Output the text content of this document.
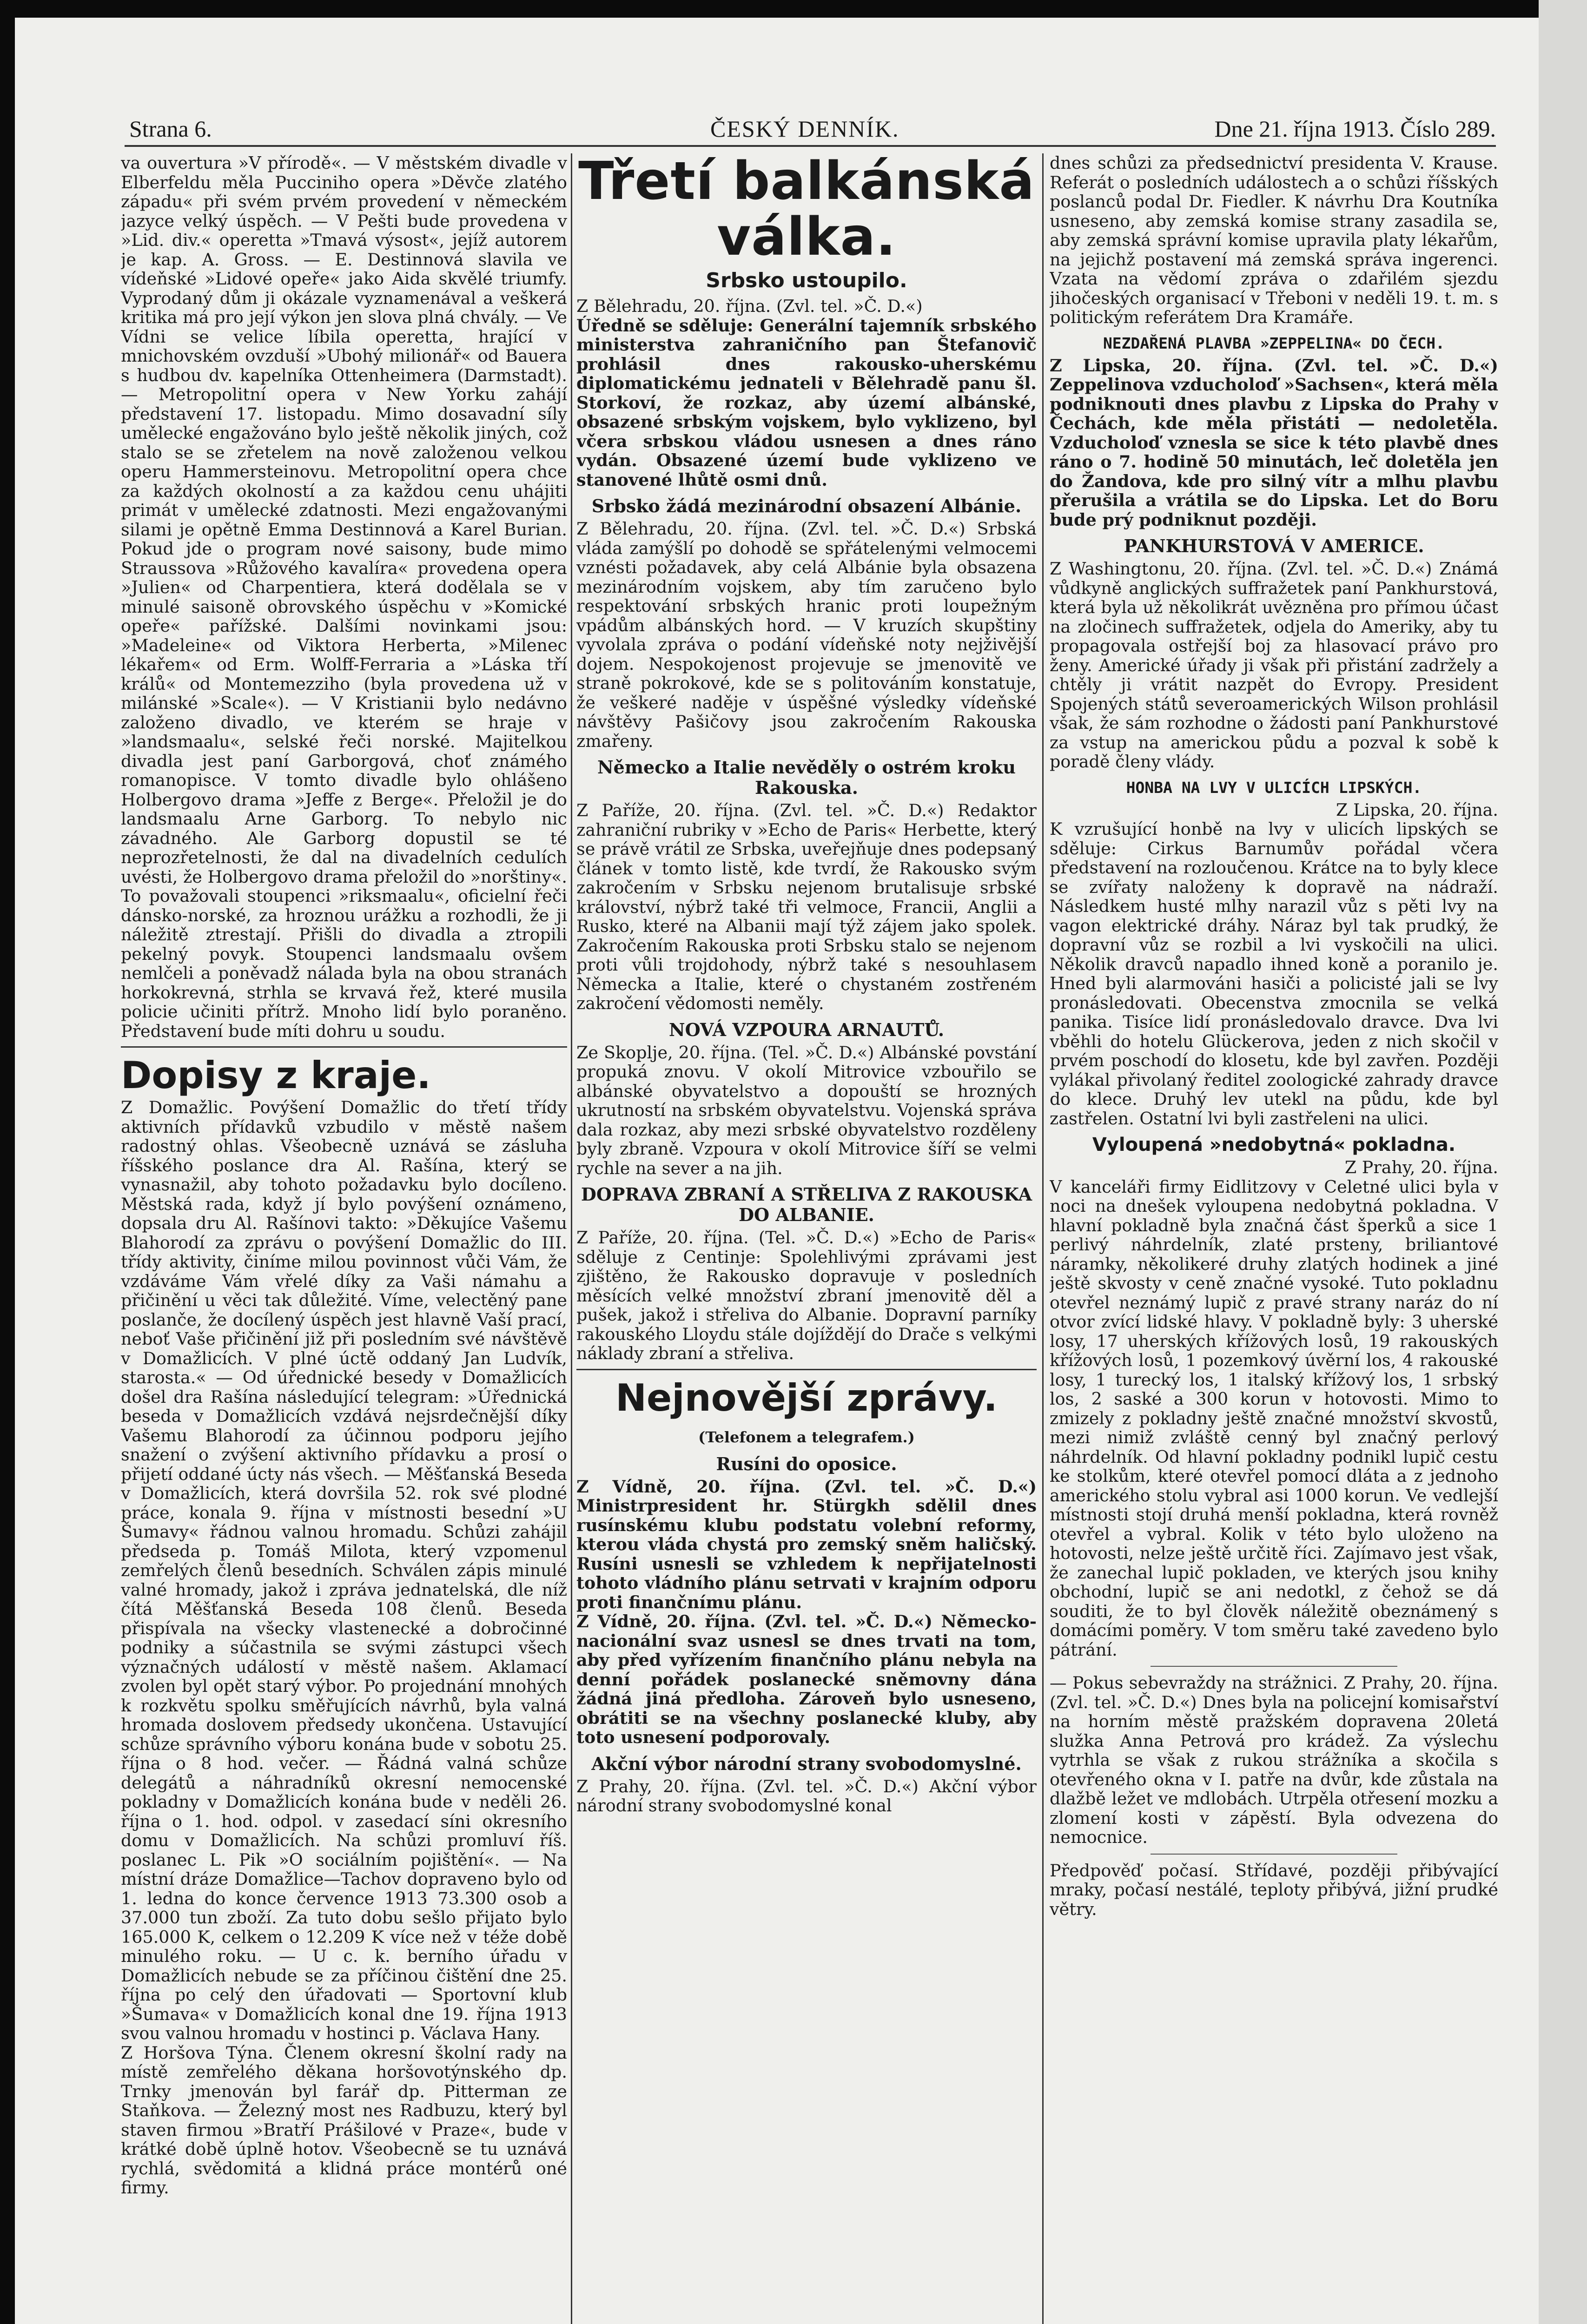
Strana 6.	ČESKÝ DENNÍK.	Dne 21. října 1913. Číslo 289.

va ouvertura »V přírodě«. — V městském divadle v Elberfeldu měla Pucciniho opera »Děvče zlatého západu« při svém prvém provedení v německém jazyce velký úspěch. — V Pešti bude provedena v »Lid. div.« operetta »Tmavá výsost«, jejíž autorem je kap. A. Gross. — E. Destinnová slavila ve vídeňské »Lidové opeře« jako Aida skvělé triumfy. Vyprodaný dům ji okázale vyznamenával a veškerá kritika má pro její výkon jen slova plná chvály. — Ve Vídni se velice líbila operetta, hrající v mnichovském ovzduší »Ubohý milionář« od Bauera s hudbou dv. kapelníka Ottenheimera (Darmstadt). — Metropolitní opera v New Yorku zahájí představení 17. listopadu. Mimo dosavadní síly umělecké engažováno bylo ještě několik jiných, což stalo se se zřetelem na nově založenou velkou operu Hammersteinovu. Metropolitní opera chce za každých okolností a za každou cenu uhájiti primát v umělecké zdatnosti. Mezi engažovanými silami je opětně Emma Destinnová a Karel Burian. Pokud jde o program nové saisony, bude mimo Straussova »Růžového kavalíra« provedena opera »Julien« od Charpentiera, která dodělala se v minulé saisoně obrovského úspěchu v »Komické opeře« pařížské. Dalšími novinkami jsou: »Madeleine« od Viktora Herberta, »Milenec lékařem« od Erm. Wolff-Ferraria a »Láska tří králů« od Montemezziho (byla provedena už v milánské »Scale«). — V Kristianii bylo nedávno založeno divadlo, ve kterém se hraje v »landsmaalu«, selské řeči norské. Majitelkou divadla jest paní Garborgová, choť známého romanopisce. V tomto divadle bylo ohlášeno Holbergovo drama »Jeffe z Berge«. Přeložil je do landsmaalu Arne Garborg. To nebylo nic závadného. Ale Garborg dopustil se té neprozřetelnosti, že dal na divadelních cedulích uvésti, že Holbergovo drama přeložil do »norštiny«. To považovali stoupenci »riksmaalu«, oficielní řeči dánsko-norské, za hroznou urážku a rozhodli, že ji náležitě ztrestají. Přišli do divadla a ztropili pekelný povyk. Stoupenci landsmaalu ovšem nemlčeli a poněvadž nálada byla na obou stranách horkokrevná, strhla se krvavá řež, které musila policie učiniti přítrž. Mnoho lidí bylo poraněno. Představení bude míti dohru u soudu.

Dopisy z kraje.

Z Domažlic. Povýšení Domažlic do třetí třídy aktivních přídavků vzbudilo v městě našem radostný ohlas. Všeobecně uznává se zásluha říšského poslance dra Al. Rašína, který se vynasnažil, aby tohoto požadavku bylo docíleno. Městská rada, když jí bylo povýšení oznámeno, dopsala dru Al. Rašínovi takto: »Děkujíce Vašemu Blahorodí za zprávu o povýšení Domažlic do III. třídy aktivity, činíme milou povinnost vůči Vám, že vzdáváme Vám vřelé díky za Vaši námahu a přičinění u věci tak důležité. Víme, velectěný pane poslanče, že docílený úspěch jest hlavně Vaší prací, neboť Vaše přičinění již při posledním své návštěvě v Domažlicích. V plné úctě oddaný Jan Ludvík, starosta.« — Od úřednické besedy v Domažlicích došel dra Rašína následující telegram: »Úřednická beseda v Domažlicích vzdává nejsrdečnější díky Vašemu Blahorodí za účinnou podporu jejího snažení o zvýšení aktivního přídavku a prosí o přijetí oddané úcty nás všech. — Měšťanská Beseda v Domažlicích, která dovršila 52. rok své plodné práce, konala 9. října v místnosti besední »U Šumavy« řádnou valnou hromadu. Schůzi zahájil předseda p. Tomáš Milota, který vzpomenul zemřelých členů besedních. Schválen zápis minulé valné hromady, jakož i zpráva jednatelská, dle níž čítá Měšťanská Beseda 108 členů. Beseda přispívala na všecky vlastenecké a dobročinné podniky a súčastnila se svými zástupci všech význačných událostí v městě našem. Aklamací zvolen byl opět starý výbor. Po projednání mnohých k rozkvětu spolku směřujících návrhů, byla valná hromada doslovem předsedy ukončena. Ustavující schůze správního výboru konána bude v sobotu 25. října o 8 hod. večer. — Řádná valná schůze delegátů a náhradníků okresní nemocenské pokladny v Domažlicích konána bude v neděli 26. října o 1. hod. odpol. v zasedací síni okresního domu v Domažlicích. Na schůzi promluví říš. poslanec L. Pik »O sociálním pojištění«. — Na místní dráze Domažlice—Tachov dopraveno bylo od 1. ledna do konce července 1913 73.300 osob a 37.000 tun zboží. Za tuto dobu sešlo přijato bylo 165.000 K, celkem o 12.209 K více než v téže době minulého roku. — U c. k. berního úřadu v Domažlicích nebude se za příčinou čištění dne 25. října po celý den úřadovati — Sportovní klub »Šumava« v Domažlicích konal dne 19. října 1913 svou valnou hromadu v hostinci p. Václava Hany.

Z Horšova Týna. Členem okresní školní rady na místě zemřelého děkana horšovotýnského dp. Trnky jmenován byl farář dp. Pitterman ze Staňkova. — Železný most nes Radbuzu, který byl staven firmou »Bratří Prášilové v Praze«, bude v krátké době úplně hotov. Všeobecně se tu uznává rychlá, svědomitá a klidná práce montérů oné firmy.

Třetí balkánská válka.
Srbsko ustoupilo.

Z Bělehradu, 20. října. (Zvl. tel. »Č. D.«)

Úředně se sděluje: Generální tajemník srbského ministerstva zahraničního pan Štefanovič prohlásil dnes rakousko-uherskému diplomatickému jednateli v Bělehradě panu šl. Storkoví, že rozkaz, aby území albánské, obsazené srbským vojskem, bylo vyklizeno, byl včera srbskou vládou usnesen a dnes ráno vydán. Obsazené území bude vyklizeno ve stanovené lhůtě osmi dnů.

Srbsko žádá mezinárodní obsazení Albánie.

Z Bělehradu, 20. října. (Zvl. tel. »Č. D.«) Srbská vláda zamýšlí po dohodě se spřátelenými velmocemi vznésti požadavek, aby celá Albánie byla obsazena mezinárodním vojskem, aby tím zaručeno bylo respektování srbských hranic proti loupežným vpádům albánských hord. — V kruzích skupštiny vyvolala zpráva o podání vídeňské noty nejživější dojem. Nespokojenost projevuje se jmenovitě ve straně pokrokové, kde se s politováním konstatuje, že veškeré naděje v úspěšné výsledky vídeňské návštěvy Pašičovy jsou zakročením Rakouska zmařeny.

Německo a Italie nevěděly o ostrém kroku Rakouska.

Z Paříže, 20. října. (Zvl. tel. »Č. D.«) Redaktor zahraniční rubriky v »Echo de Paris« Herbette, který se právě vrátil ze Srbska, uveřejňuje dnes podepsaný článek v tomto listě, kde tvrdí, že Rakousko svým zakročením v Srbsku nejenom brutalisuje srbské království, nýbrž také tři velmoce, Francii, Anglii a Rusko, které na Albanii mají týž zájem jako spolek. Zakročením Rakouska proti Srbsku stalo se nejenom proti vůli trojdohody, nýbrž také s nesouhlasem Německa a Italie, které o chystaném zostřeném zakročení vědomosti neměly.

NOVÁ VZPOURA ARNAUTŮ.

Ze Skoplje, 20. října. (Tel. »Č. D.«) Albánské povstání propuká znovu. V okolí Mitrovice vzbouřilo se albánské obyvatelstvo a dopouští se hrozných ukrutností na srbském obyvatelstvu. Vojenská správa dala rozkaz, aby mezi srbské obyvatelstvo rozděleny byly zbraně. Vzpoura v okolí Mitrovice šíří se velmi rychle na sever a na jih.

DOPRAVA ZBRANÍ A STŘELIVA Z RAKOUSKA DO ALBANIE.

Z Paříže, 20. října. (Tel. »Č. D.«) »Echo de Paris« sděluje z Centinje: Spolehlivými zprávami jest zjištěno, že Rakousko dopravuje v posledních měsících velké množství zbraní jmenovitě děl a pušek, jakož i střeliva do Albanie. Dopravní parníky rakouského Lloydu stále dojíždějí do Drače s velkými náklady zbraní a střeliva.

Nejnovější zprávy.
(Telefonem a telegrafem.)
Rusíni do oposice.

Z Vídně, 20. října. (Zvl. tel. »Č. D.«) Ministrpresident hr. Stürgkh sdělil dnes rusínskému klubu podstatu volební reformy, kterou vláda chystá pro zemský sněm haličský. Rusíni usnesli se vzhledem k nepřijatelnosti tohoto vládního plánu setrvati v krajním odporu proti finančnímu plánu.

Z Vídně, 20. října. (Zvl. tel. »Č. D.«) Německo-nacionální svaz usnesl se dnes trvati na tom, aby před vyřízením finančního plánu nebyla na denní pořádek poslanecké sněmovny dána žádná jiná předloha. Zároveň bylo usneseno, obrátiti se na všechny poslanecké kluby, aby toto usnesení podporovaly.

Akční výbor národní strany svobodomyslné.

Z Prahy, 20. října. (Zvl. tel. »Č. D.«) Akční výbor národní strany svobodomyslné konal

dnes schůzi za předsednictví presidenta V. Krause. Referát o posledních událostech a o schůzi říšských poslanců podal Dr. Fiedler. K návrhu Dra Koutníka usneseno, aby zemská komise strany zasadila se, aby zemská správní komise upravila platy lékařům, na jejichž postavení má zemská správa ingerenci. Vzata na vědomí zpráva o zdařilém sjezdu jihočeských organisací v Třeboni v neděli 19. t. m. s politickým referátem Dra Kramáře.

NEZDAŘENÁ PLAVBA »ZEPPELINA« DO ČECH.

Z Lipska, 20. října. (Zvl. tel. »Č. D.«) Zeppelinova vzducholoď »Sachsen«, která měla podniknouti dnes plavbu z Lipska do Prahy v Čechách, kde měla přistáti — nedoletěla. Vzducholoď vznesla se sice k této plavbě dnes ráno o 7. hodině 50 minutách, leč doletěla jen do Žandova, kde pro silný vítr a mlhu plavbu přerušila a vrátila se do Lipska. Let do Boru bude prý podniknut později.

PANKHURSTOVÁ V AMERICE.

Z Washingtonu, 20. října. (Zvl. tel. »Č. D.«) Známá vůdkyně anglických suffražetek paní Pankhurstová, která byla už několikrát uvězněna pro přímou účast na zločinech suffražetek, odjela do Ameriky, aby tu propagovala ostřejší boj za hlasovací právo pro ženy. Americké úřady ji však při přistání zadržely a chtěly ji vrátit nazpět do Evropy. President Spojených států severoamerických Wilson prohlásil však, že sám rozhodne o žádosti paní Pankhurstové za vstup na americkou půdu a pozval k sobě k poradě členy vlády.

HONBA NA LVY V ULICÍCH LIPSKÝCH.

Z Lipska, 20. října.

K vzrušující honbě na lvy v ulicích lipských se sděluje: Cirkus Barnumův pořádal včera představení na rozloučenou. Krátce na to byly klece se zvířaty naloženy k dopravě na nádraží. Následkem husté mlhy narazil vůz s pěti lvy na vagon elektrické dráhy. Náraz byl tak prudký, že dopravní vůz se rozbil a lvi vyskočili na ulici. Několik dravců napadlo ihned koně a poranilo je. Hned byli alarmováni hasiči a policisté jali se lvy pronásledovati. Obecenstva zmocnila se velká panika. Tisíce lidí pronásledovalo dravce. Dva lvi vběhli do hotelu Glückerova, jeden z nich skočil v prvém poschodí do klosetu, kde byl zavřen. Později vylákal přivolaný ředitel zoologické zahrady dravce do klece. Druhý lev utekl na půdu, kde byl zastřelen. Ostatní lvi byli zastřeleni na ulici.

Vyloupená »nedobytná« pokladna.

Z Prahy, 20. října.

V kanceláři firmy Eidlitzovy v Celetné ulici byla v noci na dnešek vyloupena nedobytná pokladna. V hlavní pokladně byla značná část šperků a sice 1 perlivý náhrdelník, zlaté prsteny, briliantové náramky, několikeré druhy zlatých hodinek a jiné ještě skvosty v ceně značné vysoké. Tuto pokladnu otevřel neznámý lupič z pravé strany naráz do ní otvor zvící lidské hlavy. V pokladně byly: 3 uherské losy, 17 uherských křížových losů, 19 rakouských křížových losů, 1 pozemkový úvěrní los, 4 rakouské losy, 1 turecký los, 1 italský křížový los, 1 srbský los, 2 saské a 300 korun v hotovosti. Mimo to zmizely z pokladny ještě značné množství skvostů, mezi nimiž zvláště cenný byl značný perlový náhrdelník. Od hlavní pokladny podnikl lupič cestu ke stolkům, které otevřel pomocí dláta a z jednoho amerického stolu vybral asi 1000 korun. Ve vedlejší místnosti stojí druhá menší pokladna, která rovněž otevřel a vybral. Kolik v této bylo uloženo na hotovosti, nelze ještě určitě říci. Zajímavo jest však, že zanechal lupič pokladen, ve kterých jsou knihy obchodní, lupič se ani nedotkl, z čehož se dá souditi, že to byl člověk náležitě obeznámený s domácími poměry. V tom směru také zavedeno bylo pátrání.

— Pokus sebevraždy na strážnici. Z Prahy, 20. října. (Zvl. tel. »Č. D.«) Dnes byla na policejní komisařství na horním městě pražském dopravena 20letá služka Anna Petrová pro krádež. Za výslechu vytrhla se však z rukou strážníka a skočila s otevřeného okna v I. patře na dvůr, kde zůstala na dlažbě ležet ve mdlobách. Utrpěla otřesení mozku a zlomení kosti v zápěstí. Byla odvezena do nemocnice.

Předpověď počasí. Střídavé, později přibývající mraky, počasí nestálé, teploty přibývá, jižní prudké větry.
